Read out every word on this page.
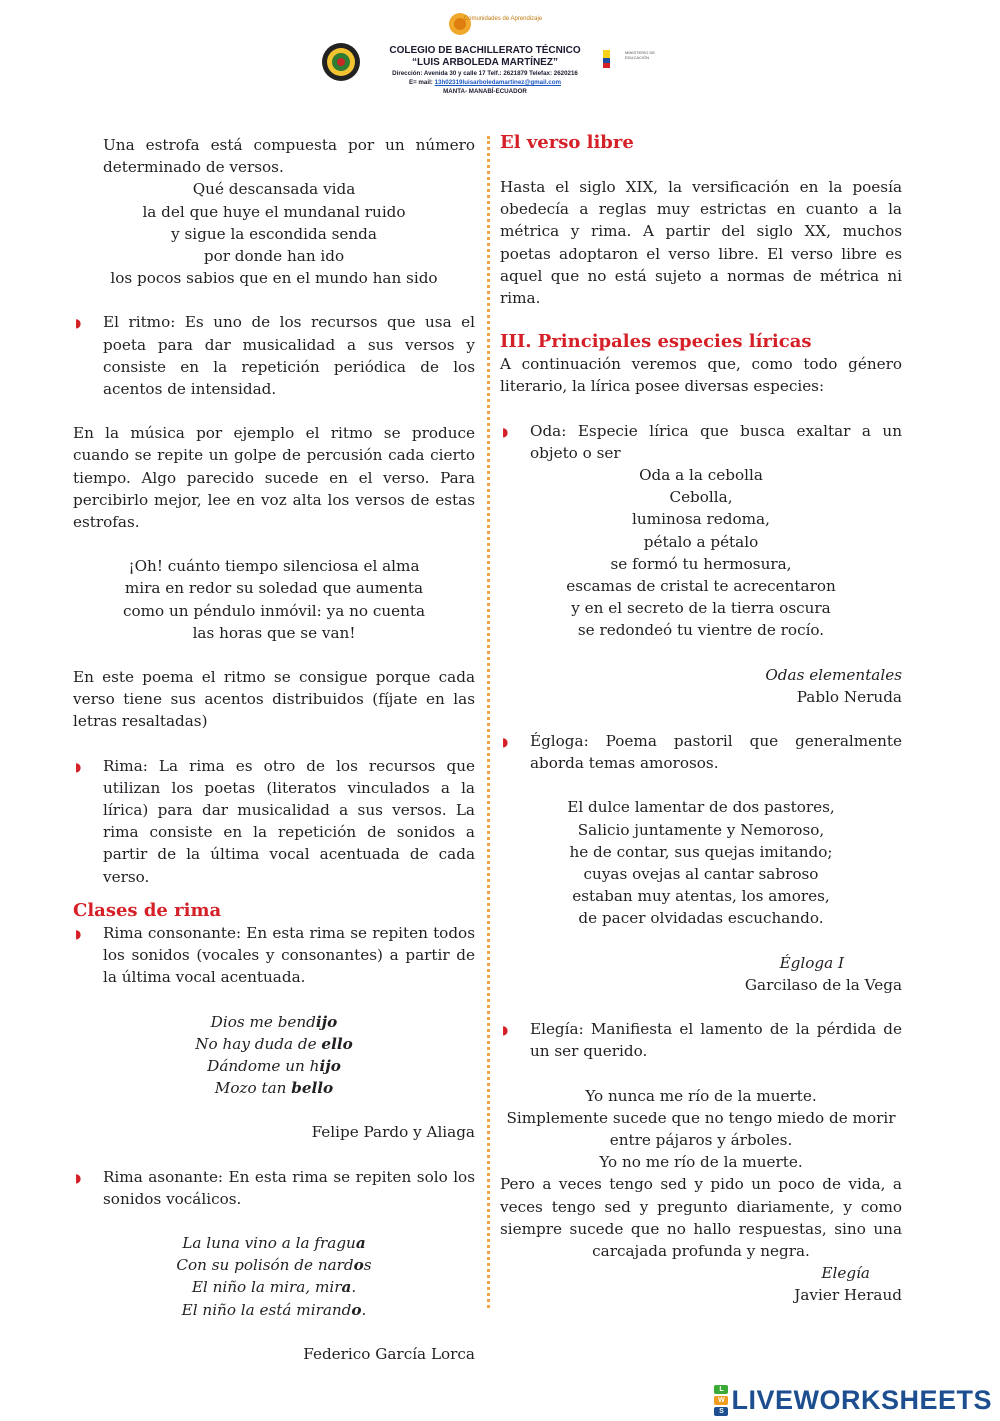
Comunidades de Aprendizaje
MINISTERIO DE EDUCACIÓN
COLEGIO DE BACHILLERATO TÉCNICO
“LUIS ARBOLEDA MARTÍNEZ”
Dirección: Avenida 30 y calle 17 Telf.: 2621879 Telefax: 2620216
E= mail: 13h02319luisarboledamartinez@gmail.com
MANTA- MANABÍ-ECUADOR

Una estrofa está compuesta por un número determinado de versos.

Qué descansada vida

la del que huye el mundanal ruido

y sigue la escondida senda

por donde han ido

los pocos sabios que en el mundo han sido

◗ El ritmo: Es uno de los recursos que usa el poeta para dar musicalidad a sus versos y consiste en la repetición periódica de los acentos de intensidad.

En la música por ejemplo el ritmo se produce cuando se repite un golpe de percusión cada cierto tiempo. Algo parecido sucede en el verso. Para percibirlo mejor, lee en voz alta los versos de estas estrofas.

¡Oh! cuánto tiempo silenciosa el alma

mira en redor su soledad que aumenta

como un péndulo inmóvil: ya no cuenta

las horas que se van!

En este poema el ritmo se consigue porque cada verso tiene sus acentos distribuidos (fíjate en las letras resaltadas)

◗ Rima: La rima es otro de los recursos que utilizan los poetas (literatos vinculados a la lírica) para dar musicalidad a sus versos. La rima consiste en la repetición de sonidos a partir de la última vocal acentuada de cada verso.

Clases de rima

◗ Rima consonante: En esta rima se repiten todos los sonidos (vocales y consonantes) a partir de la última vocal acentuada.

Dios me bendijo

No hay duda de ello

Dándome un hijo

Mozo tan bello

Felipe Pardo y Aliaga

◗ Rima asonante: En esta rima se repiten solo los sonidos vocálicos.

La luna vino a la fragua

Con su polisón de nardos

El niño la mira, mira.

El niño la está mirando.

Federico García Lorca

El verso libre

Hasta el siglo XIX, la versificación en la poesía obedecía a reglas muy estrictas en cuanto a la métrica y rima. A partir del siglo XX, muchos poetas adoptaron el verso libre. El verso libre es aquel que no está sujeto a normas de métrica ni rima.

III. Principales especies líricas

A continuación veremos que, como todo género literario, la lírica posee diversas especies:

◗ Oda: Especie lírica que busca exaltar a un objeto o ser

Oda a la cebolla

Cebolla,

luminosa redoma,

pétalo a pétalo

se formó tu hermosura,

escamas de cristal te acrecentaron

y en el secreto de la tierra oscura

se redondeó tu vientre de rocío.

Odas elementales

Pablo Neruda

◗ Égloga: Poema pastoril que generalmente aborda temas amorosos.

El dulce lamentar de dos pastores,

Salicio juntamente y Nemoroso,

he de contar, sus quejas imitando;

cuyas ovejas al cantar sabroso

estaban muy atentas, los amores,

de pacer olvidadas escuchando.

Égloga I

Garcilaso de la Vega

◗ Elegía: Manifiesta el lamento de la pérdida de un ser querido.

Yo nunca me río de la muerte.

Simplemente sucede que no tengo miedo de morir entre pájaros y árboles.

Yo no me río de la muerte.

Pero a veces tengo sed y pido un poco de vida, a veces tengo sed y pregunto diariamente, y como siempre sucede que no hallo respuestas, sino una carcajada profunda y negra.

Elegía

Javier Heraud

L
W
S LIVEWORKSHEETS
